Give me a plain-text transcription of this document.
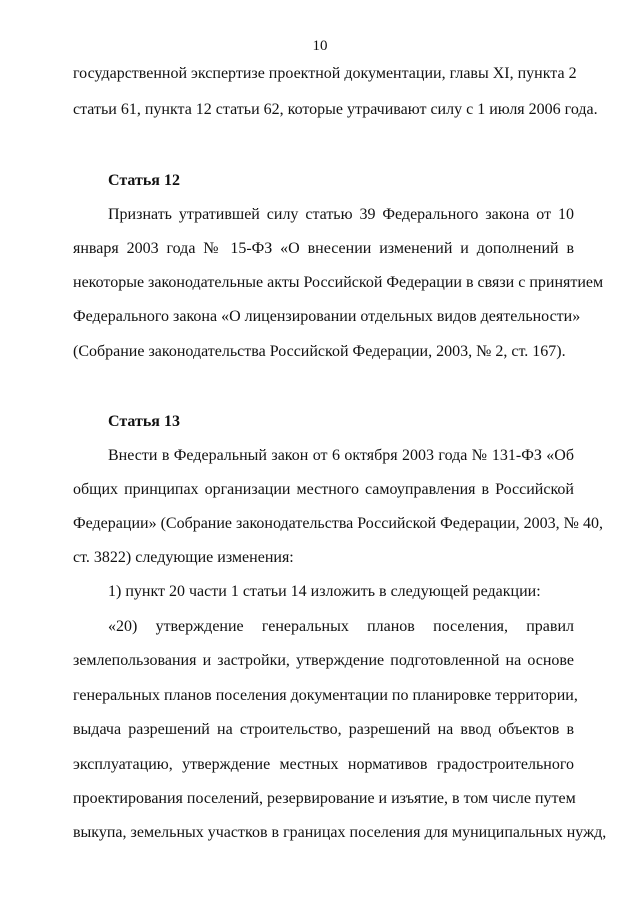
10
государственной экспертизе проектной документации, главы XI, пункта 2
статьи 61, пункта 12 статьи 62, которые утрачивают силу с 1 июля 2006 года.
Статья 12
Признать утратившей силу статью 39 Федерального закона от 10
января 2003 года № 15-ФЗ «О внесении изменений и дополнений в
некоторые законодательные акты Российской Федерации в связи с принятием
Федерального закона «О лицензировании отдельных видов деятельности»
(Собрание законодательства Российской Федерации, 2003, № 2, ст. 167).
Статья 13
Внести в Федеральный закон от 6 октября 2003 года № 131-ФЗ «Об
общих принципах организации местного самоуправления в Российской
Федерации» (Собрание законодательства Российской Федерации, 2003, № 40,
ст. 3822) следующие изменения:
1) пункт 20 части 1 статьи 14 изложить в следующей редакции:
«20) утверждение генеральных планов поселения, правил
землепользования и застройки, утверждение подготовленной на основе
генеральных планов поселения документации по планировке территории,
выдача разрешений на строительство, разрешений на ввод объектов в
эксплуатацию, утверждение местных нормативов градостроительного
проектирования поселений, резервирование и изъятие, в том числе путем
выкупа, земельных участков в границах поселения для муниципальных нужд,
